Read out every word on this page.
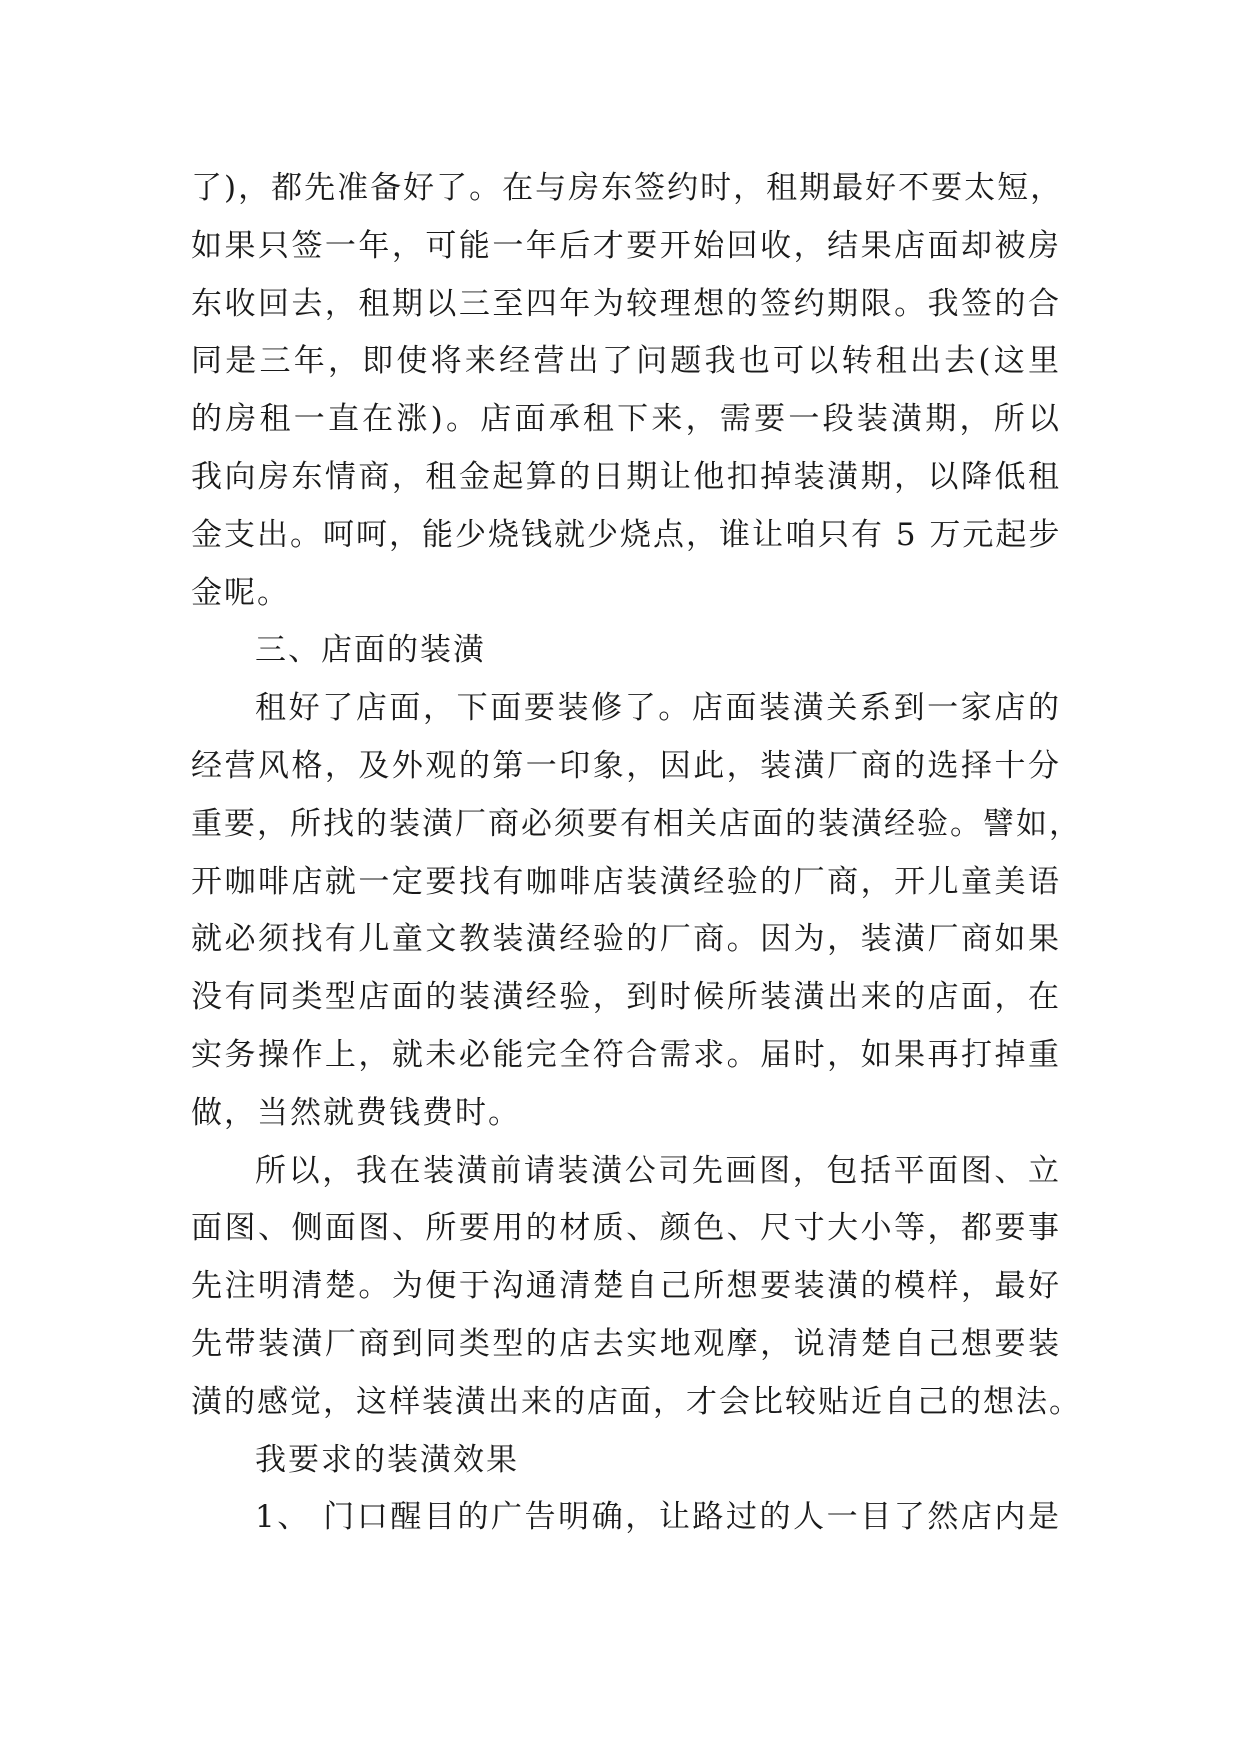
了)，都先准备好了。在与房东签约时，租期最好不要太短，
如果只签一年，可能一年后才要开始回收，结果店面却被房
东收回去，租期以三至四年为较理想的签约期限。我签的合
同是三年，即使将来经营出了问题我也可以转租出去(这里
的房租一直在涨)。店面承租下来，需要一段装潢期，所以
我向房东情商，租金起算的日期让他扣掉装潢期，以降低租
金支出。呵呵，能少烧钱就少烧点，谁让咱只有 5 万元起步
金呢。
三、店面的装潢
租好了店面，下面要装修了。店面装潢关系到一家店的
经营风格，及外观的第一印象，因此，装潢厂商的选择十分
重要，所找的装潢厂商必须要有相关店面的装潢经验。譬如，
开咖啡店就一定要找有咖啡店装潢经验的厂商，开儿童美语
就必须找有儿童文教装潢经验的厂商。因为，装潢厂商如果
没有同类型店面的装潢经验，到时候所装潢出来的店面，在
实务操作上，就未必能完全符合需求。届时，如果再打掉重
做，当然就费钱费时。
所以，我在装潢前请装潢公司先画图，包括平面图、立
面图、侧面图、所要用的材质、颜色、尺寸大小等，都要事
先注明清楚。为便于沟通清楚自己所想要装潢的模样，最好
先带装潢厂商到同类型的店去实地观摩，说清楚自己想要装
潢的感觉，这样装潢出来的店面，才会比较贴近自己的想法。
我要求的装潢效果
1、 门口醒目的广告明确，让路过的人一目了然店内是
